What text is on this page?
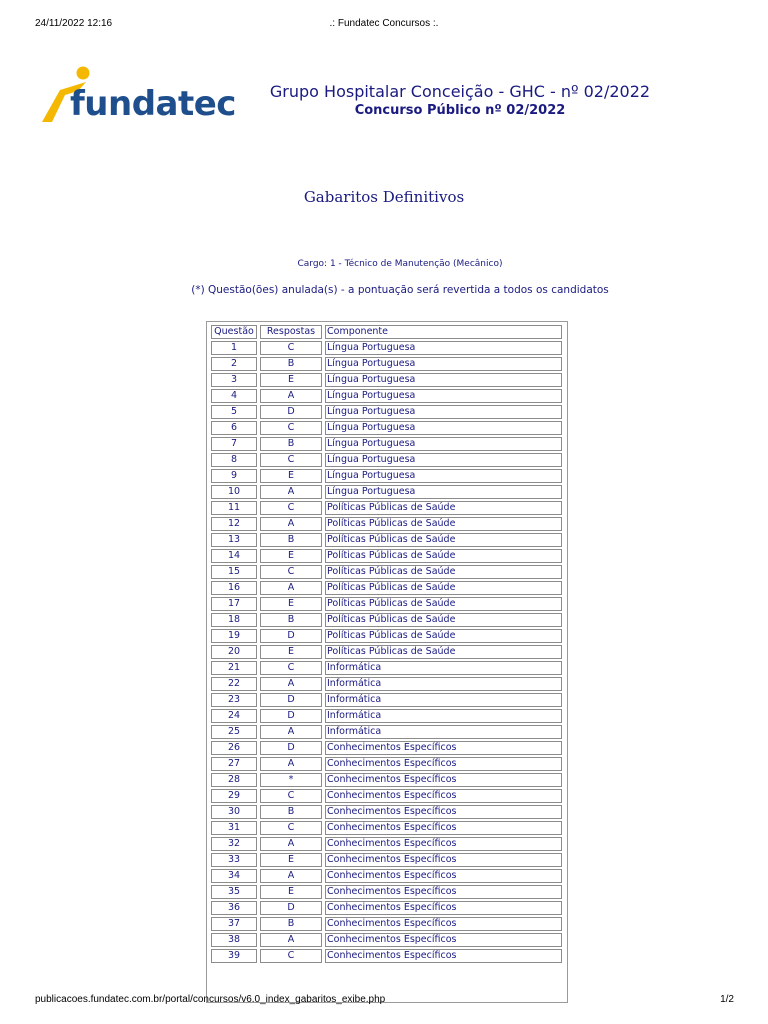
.: Fundatec Concursos :.
24/11/2022 12:16
fundatec	Grupo Hospitalar Conceição - GHC - nº 02/2022
Concurso Público nº 02/2022
Gabaritos Definitivos
Cargo: 1 - Técnico de Manutenção (Mecânico)
(*) Questão(ões) anulada(s) - a pontuação será revertida a todos os candidatos
Questão	Respostas	Componente
1	C	Língua Portuguesa
2	B	Língua Portuguesa
3	E	Língua Portuguesa
4	A	Língua Portuguesa
5	D	Língua Portuguesa
6	C	Língua Portuguesa
7	B	Língua Portuguesa
8	C	Língua Portuguesa
9	E	Língua Portuguesa
10	A	Língua Portuguesa
11	C	Políticas Públicas de Saúde
12	A	Políticas Públicas de Saúde
13	B	Políticas Públicas de Saúde
14	E	Políticas Públicas de Saúde
15	C	Políticas Públicas de Saúde
16	A	Políticas Públicas de Saúde
17	E	Políticas Públicas de Saúde
18	B	Políticas Públicas de Saúde
19	D	Políticas Públicas de Saúde
20	E	Políticas Públicas de Saúde
21	C	Informática
22	A	Informática
23	D	Informática
24	D	Informática
25	A	Informática
26	D	Conhecimentos Específicos
27	A	Conhecimentos Específicos
28	*	Conhecimentos Específicos
29	C	Conhecimentos Específicos
30	B	Conhecimentos Específicos
31	C	Conhecimentos Específicos
32	A	Conhecimentos Específicos
33	E	Conhecimentos Específicos
34	A	Conhecimentos Específicos
35	E	Conhecimentos Específicos
36	D	Conhecimentos Específicos
37	B	Conhecimentos Específicos
38	A	Conhecimentos Específicos
39	C	Conhecimentos Específicos
publicacoes.fundatec.com.br/portal/concursos/v6.0_index_gabaritos_exibe.php	1/2
